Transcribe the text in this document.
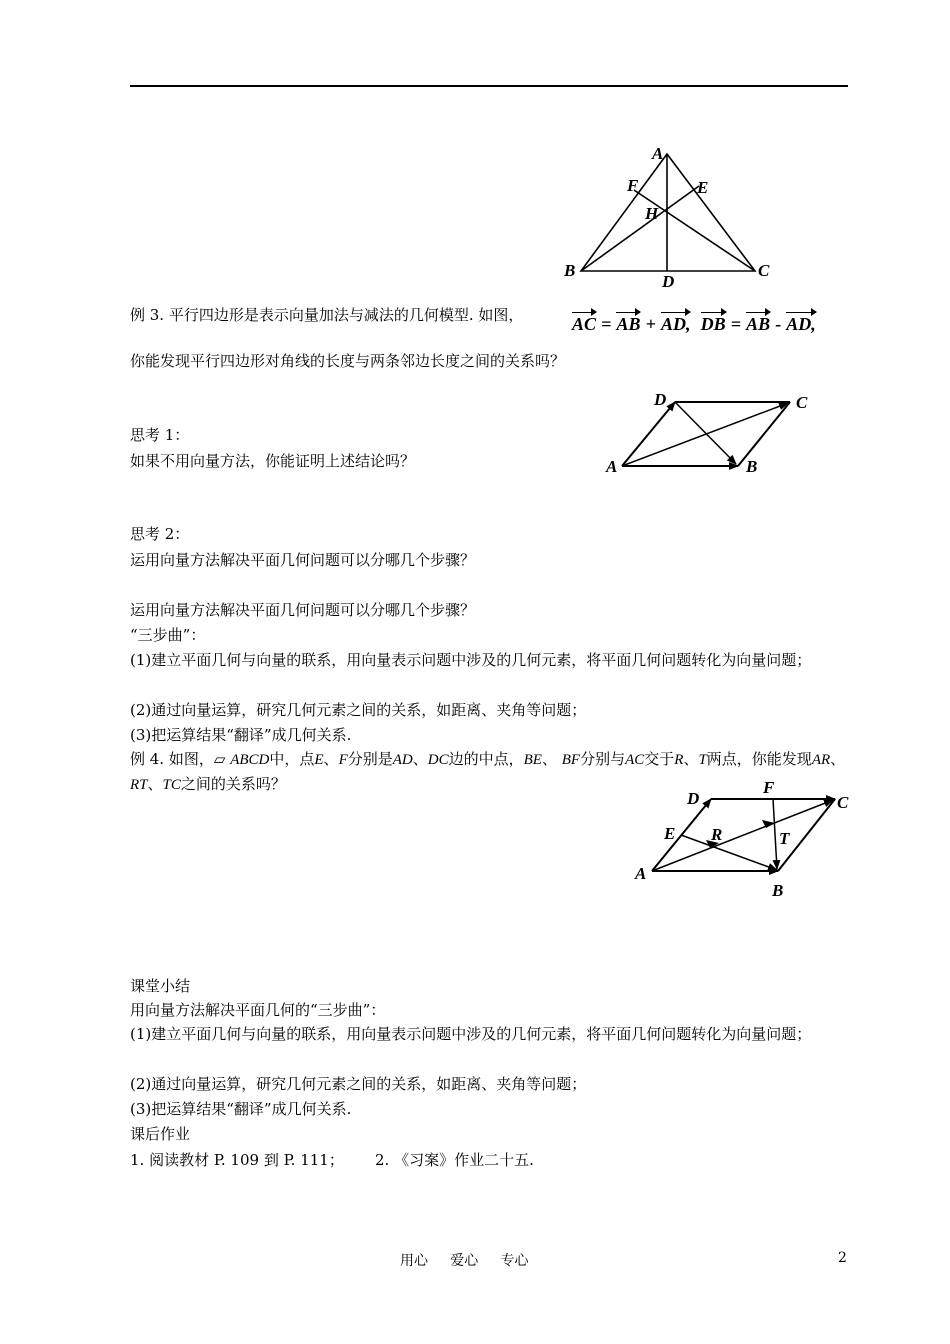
A
B	C
D
E
F
H
例 3. 平行四边形是表示向量加法与减法的几何模型. 如图，	AC = AB + AD, DB = AB - AD,
你能发现平行四边形对角线的长度与两条邻边长度之间的关系吗？
A	B
C
D
思考 1：
如果不用向量方法，你能证明上述结论吗？
思考 2：
运用向量方法解决平面几何问题可以分哪几个步骤？
运用向量方法解决平面几何问题可以分哪几个步骤？
“三步曲”：
(1)建立平面几何与向量的联系，用向量表示问题中涉及的几何元素，将平面几何问题转化为向量问题；
(2)通过向量运算，研究几何元素之间的关系，如距离、夹角等问题；
(3)把运算结果“翻译”成几何关系.
例 4. 如图，▱ ABCD中，点E、F分别是AD、DC边的中点，BE、 BF分别与AC交于R、T两点，你能发现AR、RT、TC之间的关系吗？
A
B
C
D
E
F
R	T
课堂小结
用向量方法解决平面几何的“三步曲”：
(1)建立平面几何与向量的联系，用向量表示问题中涉及的几何元素，将平面几何问题转化为向量问题；
(2)通过向量运算，研究几何元素之间的关系，如距离、夹角等问题；
(3)把运算结果“翻译”成几何关系.
课后作业
1. 阅读教材 P. 109 到 P. 111； 2. 《习案》作业二十五.
用心     爱心     专心	2
